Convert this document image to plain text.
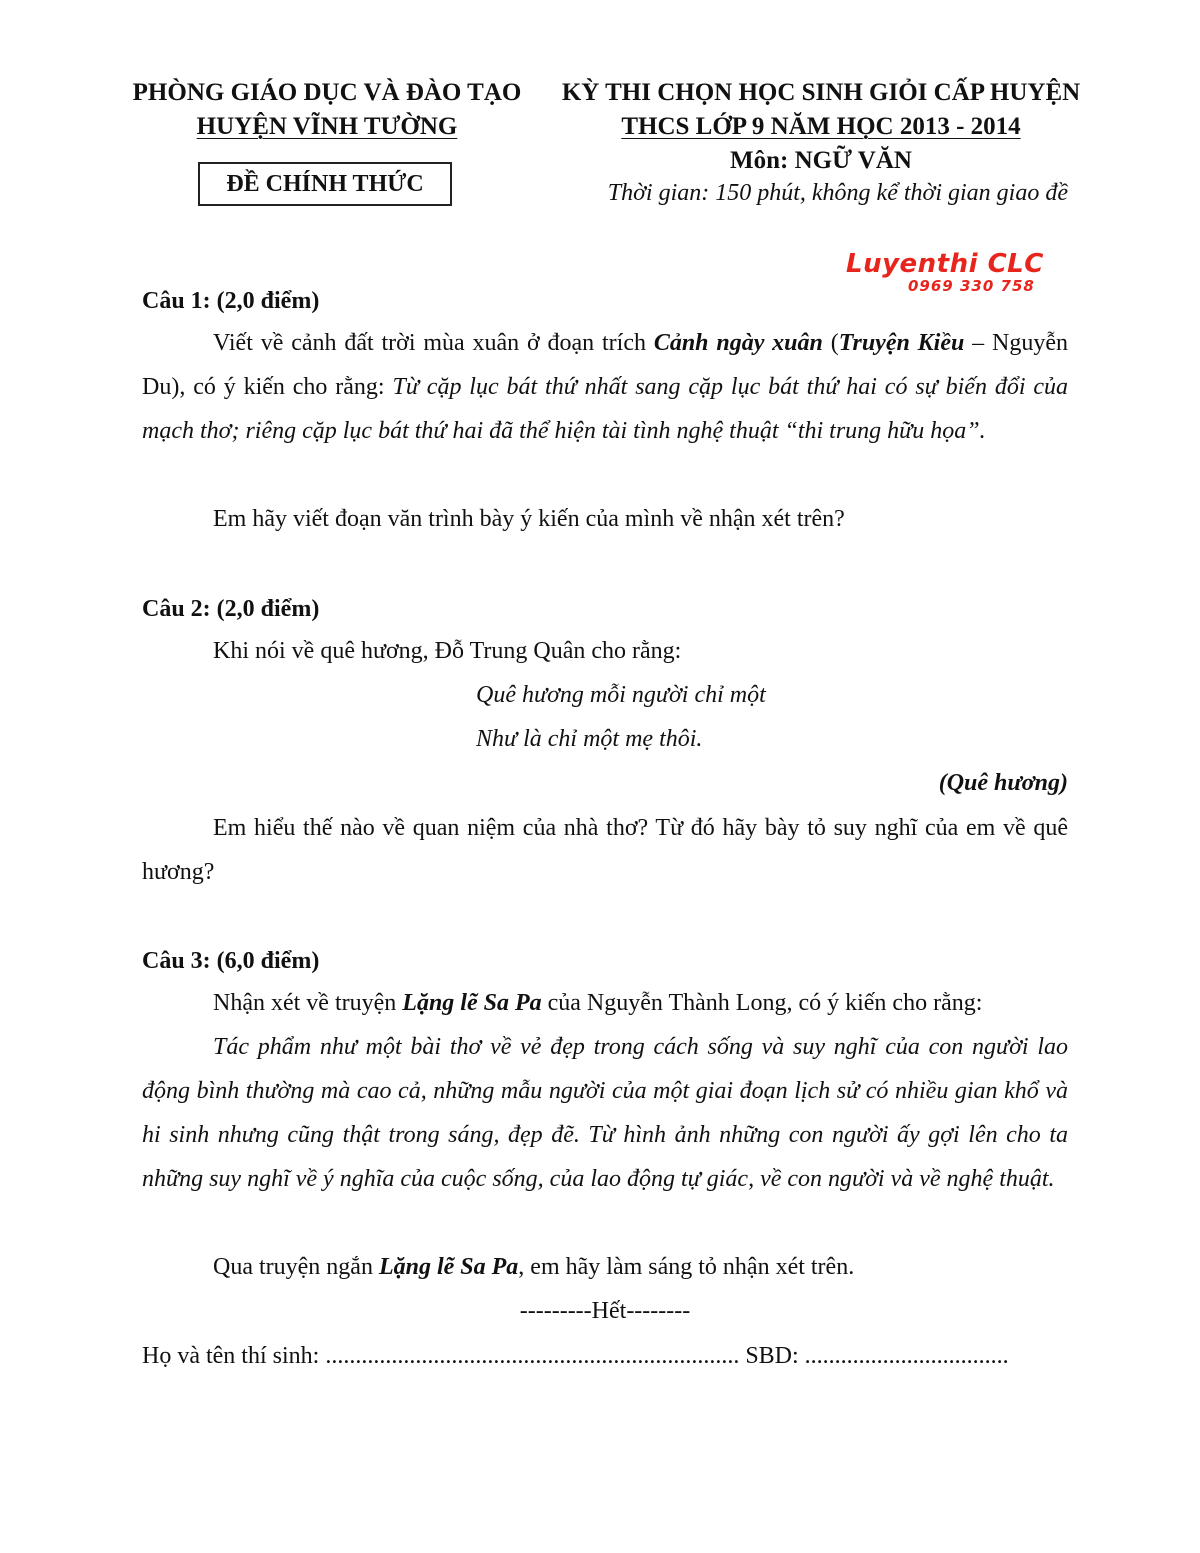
PHÒNG GIÁO DỤC VÀ ĐÀO TẠO
HUYỆN VĨNH TƯỜNG
ĐỀ CHÍNH THỨC
KỲ THI CHỌN HỌC SINH GIỎI CẤP HUYỆN
THCS LỚP 9 NĂM HỌC 2013 - 2014
Môn: NGỮ VĂN
Thời gian: 150 phút, không kể thời gian giao đề
Luyenthi CLC
0969 330 758
Câu 1: (2,0 điểm)
Viết về cảnh đất trời mùa xuân ở đoạn trích Cảnh ngày xuân (Truyện Kiều – Nguyễn Du), có ý kiến cho rằng: Từ cặp lục bát thứ nhất sang cặp lục bát thứ hai có sự biến đổi của mạch thơ; riêng cặp lục bát thứ hai đã thể hiện tài tình nghệ thuật “thi trung hữu họa”.
Em hãy viết đoạn văn trình bày ý kiến của mình về nhận xét trên?
Câu 2: (2,0 điểm)
Khi nói về quê hương, Đỗ Trung Quân cho rằng:
Quê hương mỗi người chỉ một
Như là chỉ một mẹ thôi.
(Quê hương)
Em hiểu thế nào về quan niệm của nhà thơ? Từ đó hãy bày tỏ suy nghĩ của em về quê hương?
Câu 3: (6,0 điểm)
Nhận xét về truyện Lặng lẽ Sa Pa của Nguyễn Thành Long, có ý kiến cho rằng:
Tác phẩm như một bài thơ về vẻ đẹp trong cách sống và suy nghĩ của con người lao động bình thường mà cao cả, những mẫu người của một giai đoạn lịch sử có nhiều gian khổ và hi sinh nhưng cũng thật trong sáng, đẹp đẽ. Từ hình ảnh những con người ấy gợi lên cho ta những suy nghĩ về ý nghĩa của cuộc sống, của lao động tự giác, về con người và về nghệ thuật.
Qua truyện ngắn Lặng lẽ Sa Pa, em hãy làm sáng tỏ nhận xét trên.
---------Hết--------
Họ và tên thí sinh: ..................................................................... SBD: ..................................
